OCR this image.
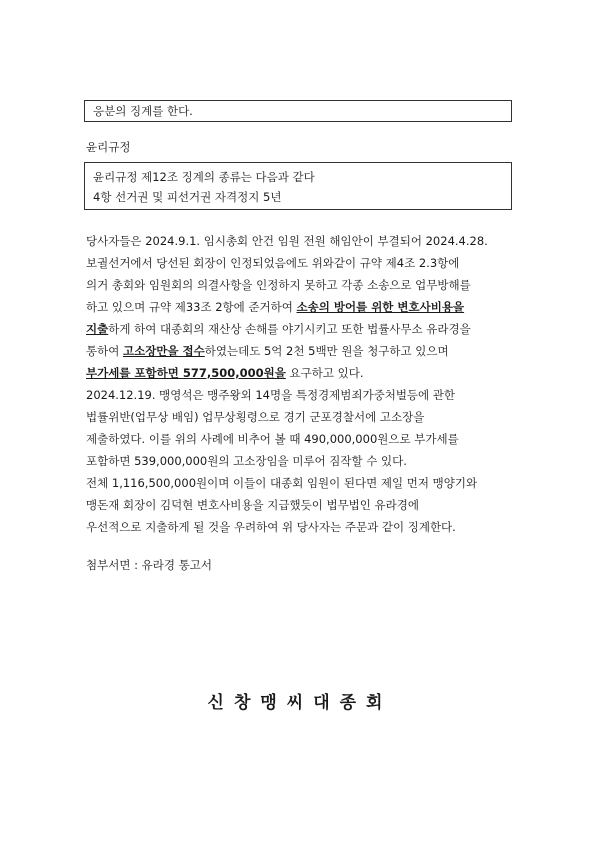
응분의 징계를 한다.
윤리규정
윤리규정 제12조 징계의 종류는 다음과 같다
4항 선거권 및 피선거권 자격정지 5년
당사자들은 2024.9.1. 임시총회 안건 임원 전원 해임안이 부결되어 2024.4.28.
보궐선거에서 당선된 회장이 인정되었음에도 위와같이 규약 제4조 2.3항에
의거 총회와 임원회의 의결사항을 인정하지 못하고 각종 소송으로 업무방해를
하고 있으며 규약 제33조 2항에 준거하여 소송의 방어를 위한 변호사비용을
지출하게 하여 대종회의 재산상 손해를 야기시키고 또한 법률사무소 유라경을
통하여 고소장만을 접수하였는데도 5억 2천 5백만 원을 청구하고 있으며
부가세를 포함하면 577,500,000원을 요구하고 있다.
2024.12.19. 맹영석은 맹주왕외 14명을 특정경제범죄가중처벌등에 관한
법률위반(업무상 배임) 업무상횡령으로 경기 군포경찰서에 고소장을
제출하였다. 이를 위의 사례에 비추어 볼 때 490,000,000원으로 부가세를
포함하면 539,000,000원의 고소장임을 미루어 짐작할 수 있다.
전체 1,116,500,000원이며 이들이 대종회 임원이 된다면 제일 먼저 맹양기와
맹돈재 회장이 김덕현 변호사비용을 지급했듯이 법무법인 유라경에
우선적으로 지출하게 될 것을 우려하여 위 당사자는 주문과 같이 징계한다.
첨부서면 : 유라경 통고서
신창맹씨대종회
